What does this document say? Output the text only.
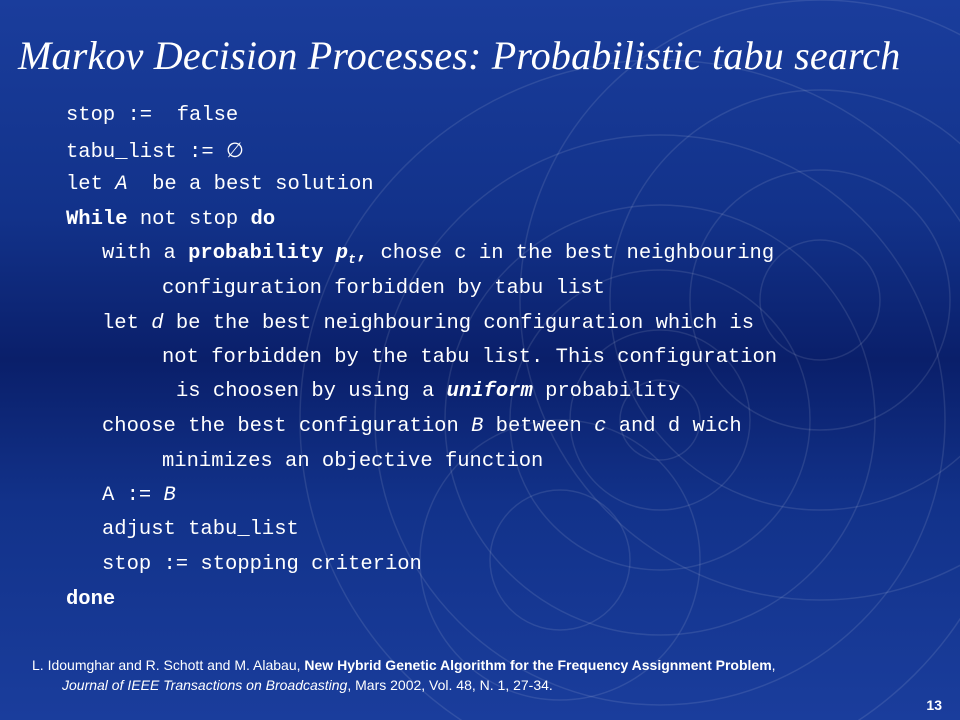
Markov Decision Processes: Probabilistic tabu search
stop :=  false
tabu_list := ∅
let A  be a best solution
While not stop do
with a probability $p_t$, chose c in the best neighbouring
configuration forbidden by tabu list
let d be the best neighbouring configuration which is
not forbidden by the tabu list. This configuration
is choosen by using a uniform probability
choose the best configuration B between c and d wich
minimizes an objective function
A := B
adjust tabu_list
stop := stopping criterion
done
L. Idoumghar and R. Schott and M. Alabau, New Hybrid Genetic Algorithm for the Frequency Assignment Problem,
Journal of IEEE Transactions on Broadcasting, Mars 2002, Vol. 48, N. 1, 27-34.
13
